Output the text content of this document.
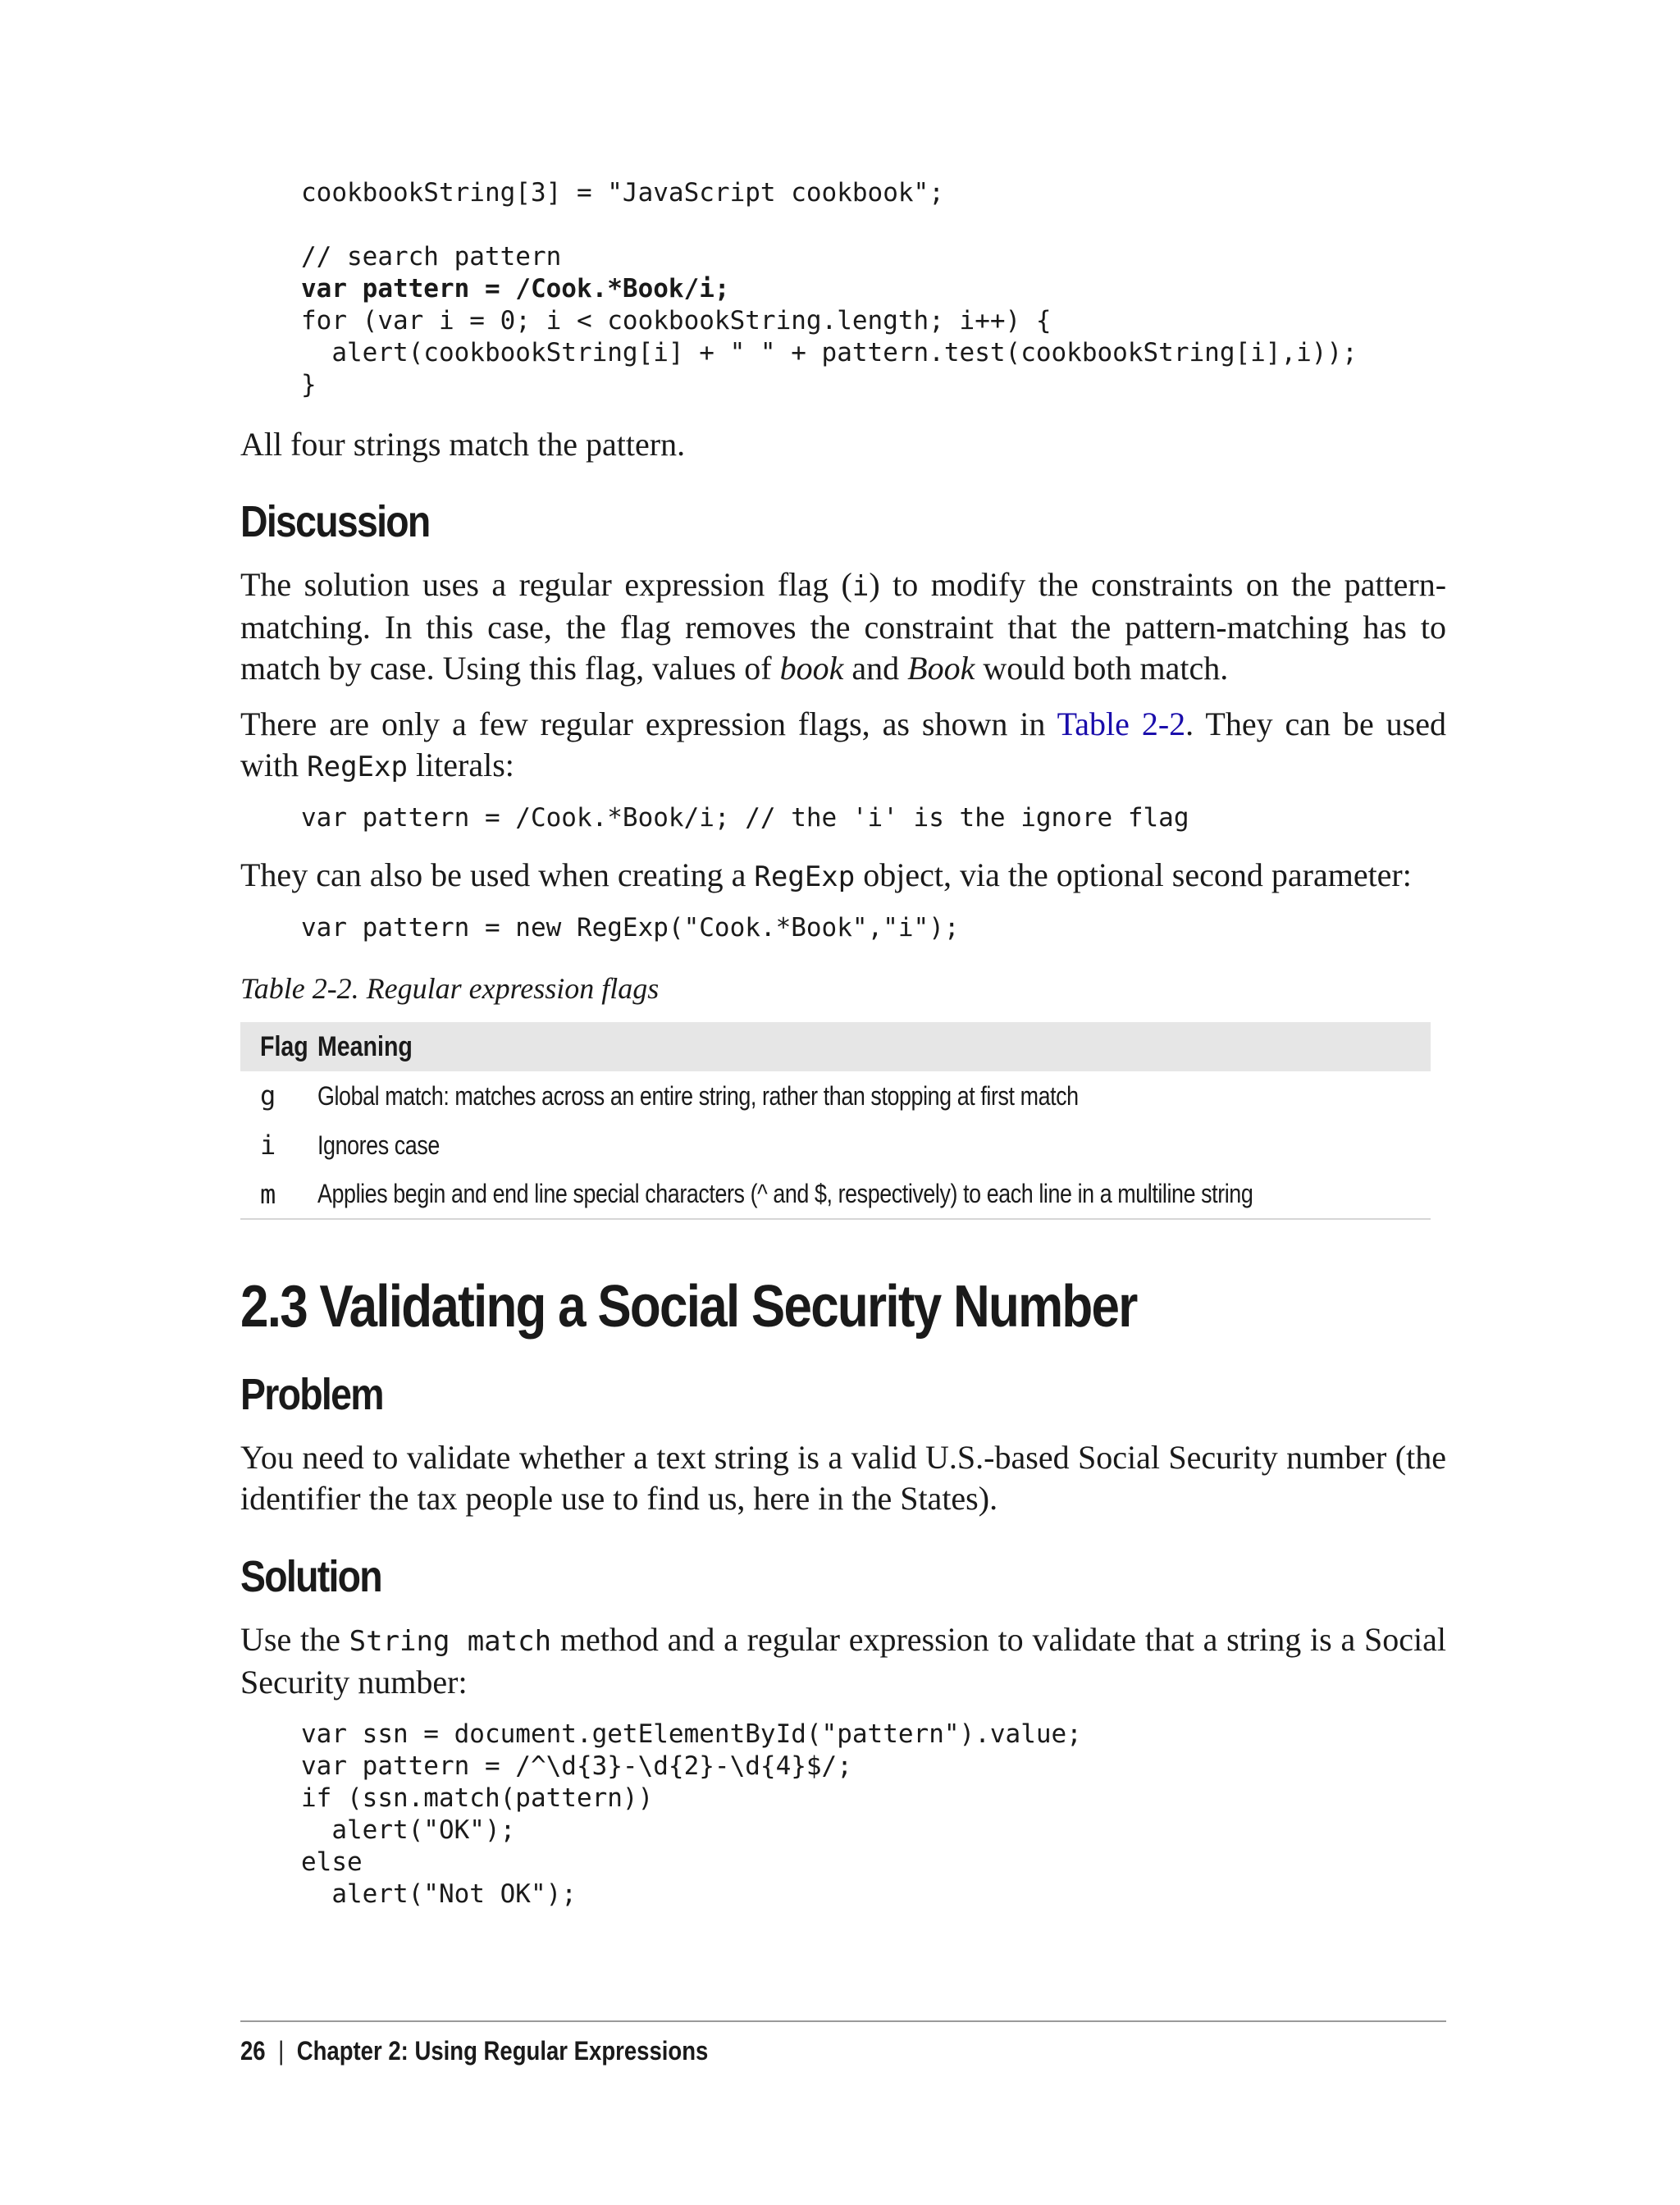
cookbookString[3] = "JavaScript cookbook";

// search pattern
var pattern = /Cook.*Book/i;
for (var i = 0; i < cookbookString.length; i++) {
alert(cookbookString[i] + " " + pattern.test(cookbookString[i],i));
}

All four strings match the pattern.

Discussion

The solution uses a regular expression flag (i) to modify the constraints on the pattern-matching. In this case, the flag removes the constraint that the pattern-matching has to match by case. Using this flag, values of book and Book would both match.

There are only a few regular expression flags, as shown in Table 2-2. They can be used with RegExp literals:

var pattern = /Cook.*Book/i; // the 'i' is the ignore flag

They can also be used when creating a RegExp object, via the optional second parameter:

var pattern = new RegExp("Cook.*Book","i");

Table 2-2. Regular expression flags

Flag	Meaning
g	Global match: matches across an entire string, rather than stopping at first match
i	Ignores case
m	Applies begin and end line special characters (^ and $, respectively) to each line in a multiline string
2.3 Validating a Social Security Number
Problem

You need to validate whether a text string is a valid U.S.-based Social Security number (the identifier the tax people use to find us, here in the States).

Solution

Use the String match method and a regular expression to validate that a string is a Social Security number:

var ssn = document.getElementById("pattern").value;
var pattern = /^\d{3}-\d{2}-\d{4}$/;
if (ssn.match(pattern))
alert("OK");
else
alert("Not OK");

26 | Chapter 2: Using Regular Expressions
